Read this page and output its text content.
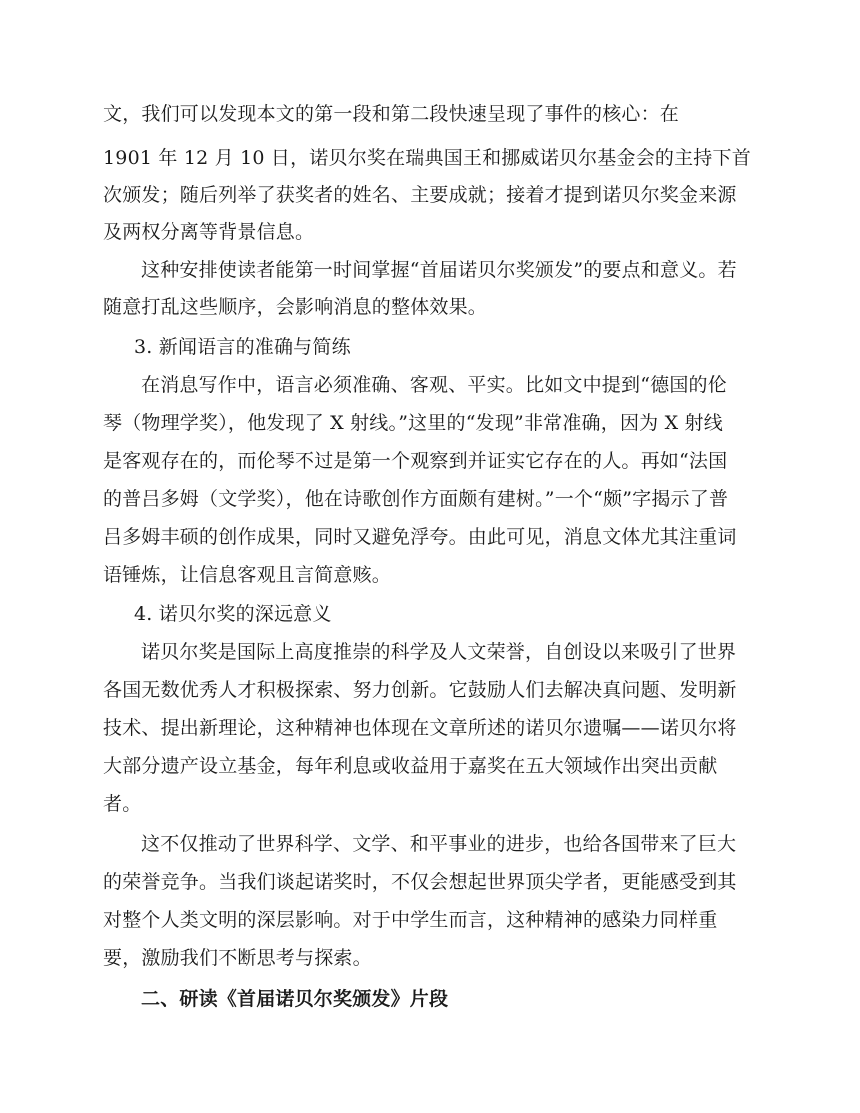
文，我们可以发现本文的第一段和第二段快速呈现了事件的核心：在
1901 年 12 月 10 日，诺贝尔奖在瑞典国王和挪威诺贝尔基金会的主持下首
次颁发；随后列举了获奖者的姓名、主要成就；接着才提到诺贝尔奖金来源
及两权分离等背景信息。
这种安排使读者能第一时间掌握“首届诺贝尔奖颁发”的要点和意义。若
随意打乱这些顺序，会影响消息的整体效果。
3. 新闻语言的准确与简练
在消息写作中，语言必须准确、客观、平实。比如文中提到“德国的伦
琴（物理学奖），他发现了 X 射线。”这里的“发现”非常准确，因为 X 射线
是客观存在的，而伦琴不过是第一个观察到并证实它存在的人。再如“法国
的普吕多姆（文学奖），他在诗歌创作方面颇有建树。”一个“颇”字揭示了普
吕多姆丰硕的创作成果，同时又避免浮夸。由此可见，消息文体尤其注重词
语锤炼，让信息客观且言简意赅。
4. 诺贝尔奖的深远意义
诺贝尔奖是国际上高度推崇的科学及人文荣誉，自创设以来吸引了世界
各国无数优秀人才积极探索、努力创新。它鼓励人们去解决真问题、发明新
技术、提出新理论，这种精神也体现在文章所述的诺贝尔遗嘱——诺贝尔将
大部分遗产设立基金，每年利息或收益用于嘉奖在五大领域作出突出贡献
者。
这不仅推动了世界科学、文学、和平事业的进步，也给各国带来了巨大
的荣誉竞争。当我们谈起诺奖时，不仅会想起世界顶尖学者，更能感受到其
对整个人类文明的深层影响。对于中学生而言，这种精神的感染力同样重
要，激励我们不断思考与探索。
二、研读《首届诺贝尔奖颁发》片段
